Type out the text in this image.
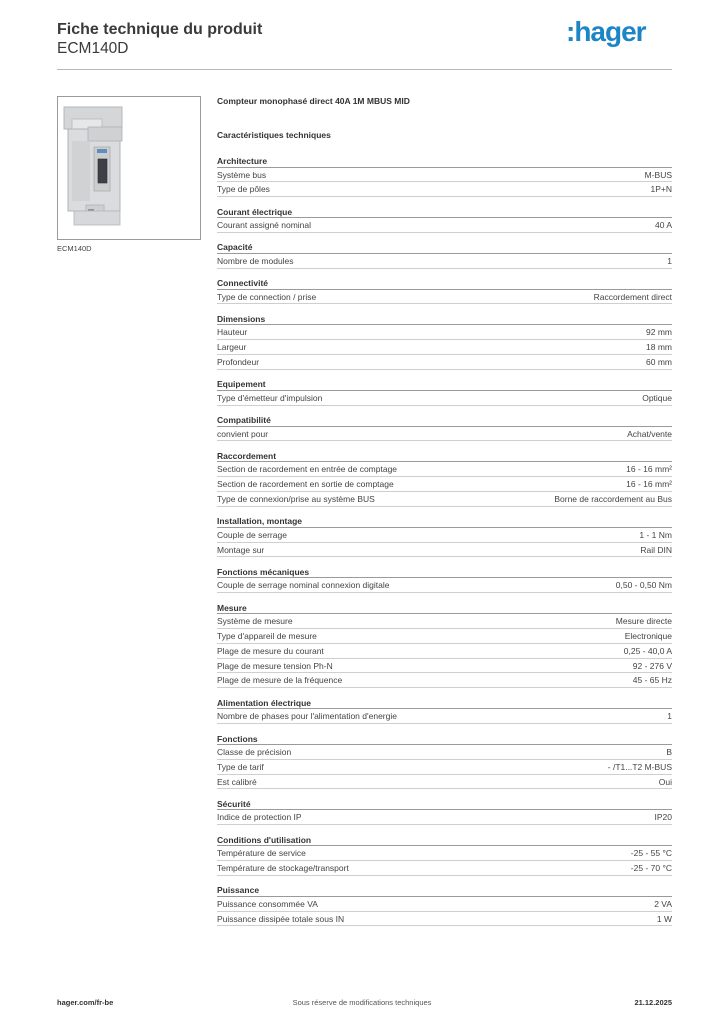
Fiche technique du produit
ECM140D
:hager
ECM140D
Compteur monophasé direct 40A 1M MBUS MID
Caractéristiques techniques
Architecture
Système bus	M-BUS
Type de pôles	1P+N
Courant électrique
Courant assigné nominal	40 A
Capacité
Nombre de modules	1
Connectivité
Type de connection / prise	Raccordement direct
Dimensions
Hauteur	92 mm
Largeur	18 mm
Profondeur	60 mm
Equipement
Type d'émetteur d'impulsion	Optique
Compatibilité
convient pour	Achat/vente
Raccordement
Section de racordement en entrée de comptage	16 - 16 mm²
Section de racordement en sortie de comptage	16 - 16 mm²
Type de connexion/prise au système BUS	Borne de raccordement au Bus
Installation, montage
Couple de serrage	1 - 1 Nm
Montage sur	Rail DIN
Fonctions mécaniques
Couple de serrage nominal connexion digitale	0,50 - 0,50 Nm
Mesure
Système de mesure	Mesure directe
Type d'appareil de mesure	Electronique
Plage de mesure du courant	0,25 - 40,0 A
Plage de mesure tension Ph-N	92 - 276 V
Plage de mesure de la fréquence	45 - 65 Hz
Alimentation électrique
Nombre de phases pour l'alimentation d'energie	1
Fonctions
Classe de précision	B
Type de tarif	- /T1...T2 M-BUS
Est calibré	Oui
Sécurité
Indice de protection IP	IP20
Conditions d'utilisation
Température de service	-25 - 55 °C
Température de stockage/transport	-25 - 70 °C
Puissance
Puissance consommée VA	2 VA
Puissance dissipée totale sous IN	1 W
hager.com/fr-be	Sous réserve de modifications techniques	21.12.2025
